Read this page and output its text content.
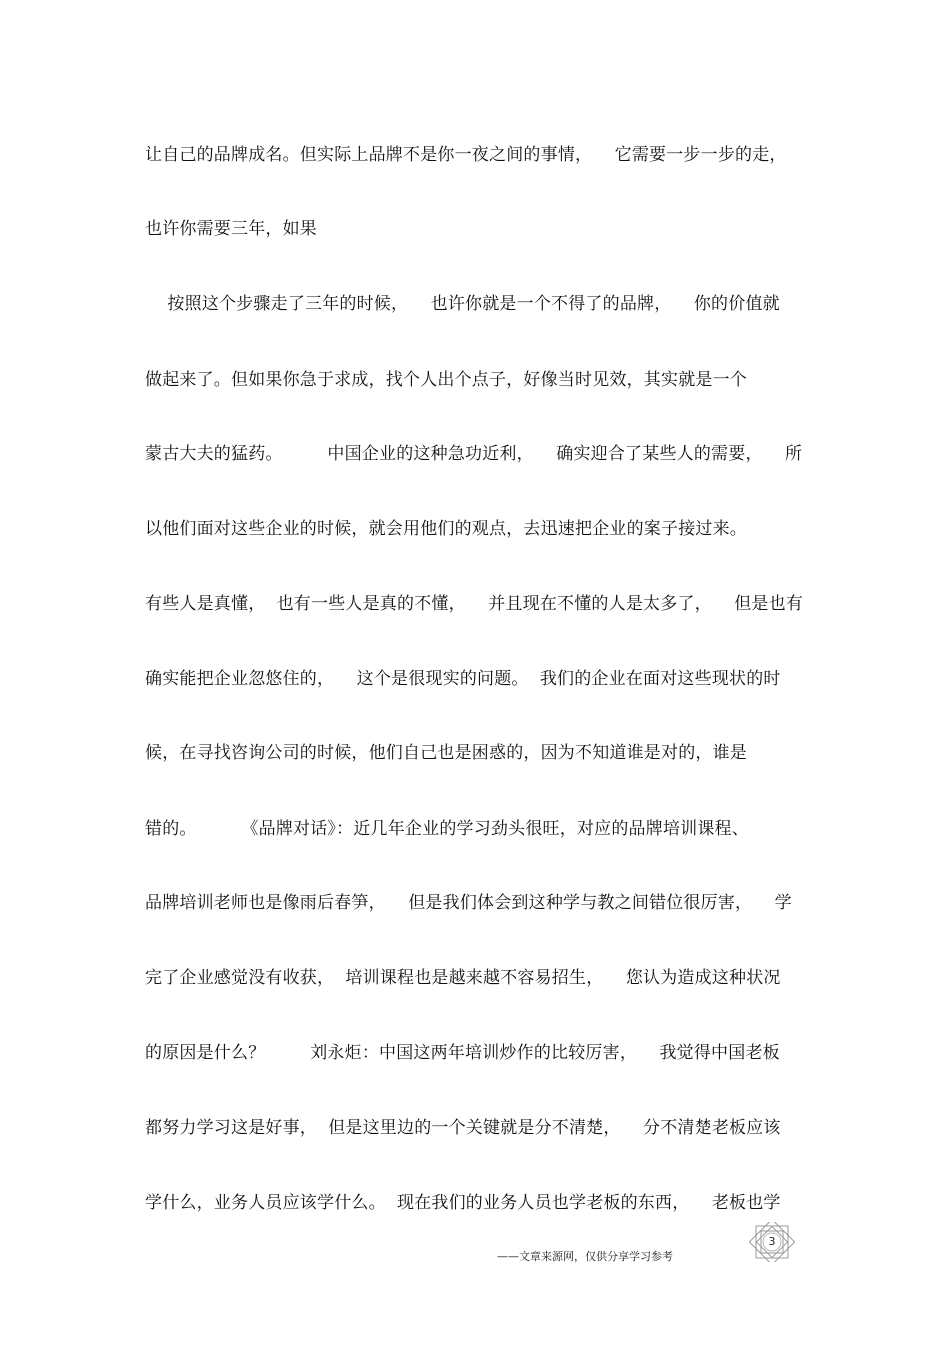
让自己的品牌成名。但实际上品牌不是你一夜之间的事情，    它需要一步一步的走，
也许你需要三年，如果
按照这个步骤走了三年的时候，    也许你就是一个不得了的品牌，    你的价值就
做起来了。但如果你急于求成，找个人出个点子，好像当时见效，其实就是一个
蒙古大夫的猛药。        中国企业的这种急功近利，    确实迎合了某些人的需要，    所
以他们面对这些企业的时候，就会用他们的观点，去迅速把企业的案子接过来。
有些人是真懂，  也有一些人是真的不懂，    并且现在不懂的人是太多了，    但是也有
确实能把企业忽悠住的，    这个是很现实的问题。  我们的企业在面对这些现状的时
候，在寻找咨询公司的时候，他们自己也是困惑的，因为不知道谁是对的，谁是
错的。        《品牌对话》：近几年企业的学习劲头很旺，对应的品牌培训课程、
品牌培训老师也是像雨后春笋，    但是我们体会到这种学与教之间错位很厉害，    学
完了企业感觉没有收获，  培训课程也是越来越不容易招生，    您认为造成这种状况
的原因是什么？        刘永炬：中国这两年培训炒作的比较厉害，    我觉得中国老板
都努力学习这是好事，  但是这里边的一个关键就是分不清楚，    分不清楚老板应该
学什么，业务人员应该学什么。  现在我们的业务人员也学老板的东西，    老板也学
3
——文章来源网，仅供分享学习参考
